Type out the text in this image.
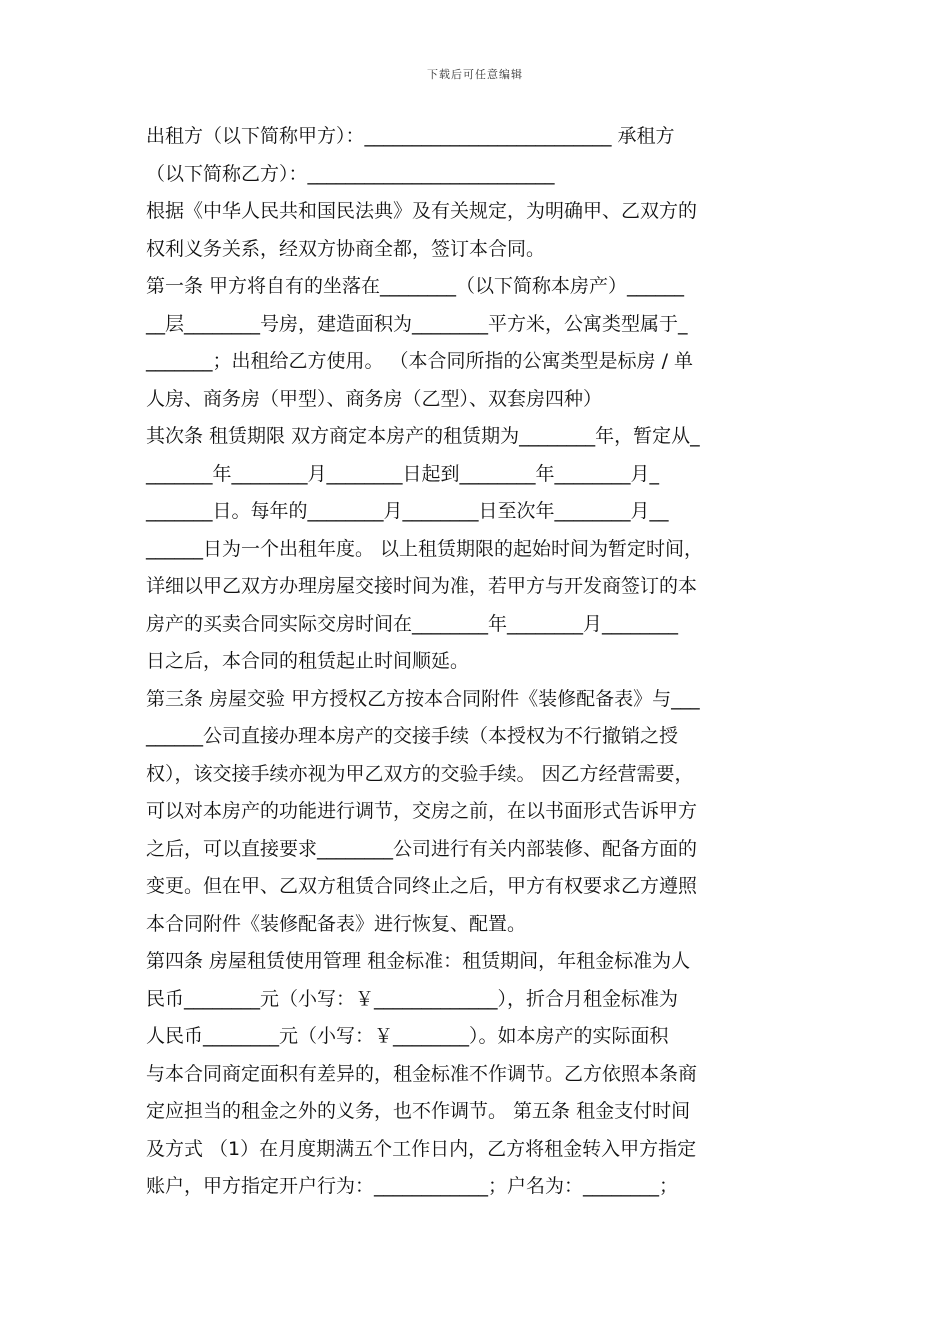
下载后可任意编辑
出租方（以下简称甲方）：__________________________ 承租方
（以下简称乙方）：__________________________
根据《中华人民共和国民法典》及有关规定，为明确甲、乙双方的
权利义务关系，经双方协商全都，签订本合同。
第一条 甲方将自有的坐落在________（以下简称本房产）______
__层________号房，建造面积为________平方米，公寓类型属于_
_______；出租给乙方使用。 （本合同所指的公寓类型是标房 / 单
人房、商务房（甲型）、商务房（乙型）、双套房四种）
其次条 租赁期限 双方商定本房产的租赁期为________年，暂定从_
_______年________月________日起到________年________月_
_______日。每年的________月________日至次年________月__
______日为一个出租年度。 以上租赁期限的起始时间为暂定时间，
详细以甲乙双方办理房屋交接时间为准，若甲方与开发商签订的本
房产的买卖合同实际交房时间在________年________月________
日之后，本合同的租赁起止时间顺延。
第三条 房屋交验 甲方授权乙方按本合同附件《装修配备表》与___
______公司直接办理本房产的交接手续（本授权为不行撤销之授
权），该交接手续亦视为甲乙双方的交验手续。 因乙方经营需要，
可以对本房产的功能进行调节，交房之前，在以书面形式告诉甲方
之后，可以直接要求________公司进行有关内部装修、配备方面的
变更。但在甲、乙双方租赁合同终止之后，甲方有权要求乙方遵照
本合同附件《装修配备表》进行恢复、配置。
第四条 房屋租赁使用管理 租金标准：租赁期间，年租金标准为人
民币________元（小写：￥_____________），折合月租金标准为
人民币________元（小写：￥________）。如本房产的实际面积
与本合同商定面积有差异的，租金标准不作调节。乙方依照本条商
定应担当的租金之外的义务，也不作调节。 第五条 租金支付时间
及方式 （1）在月度期满五个工作日内，乙方将租金转入甲方指定
账户，甲方指定开户行为：____________；户名为：________；
